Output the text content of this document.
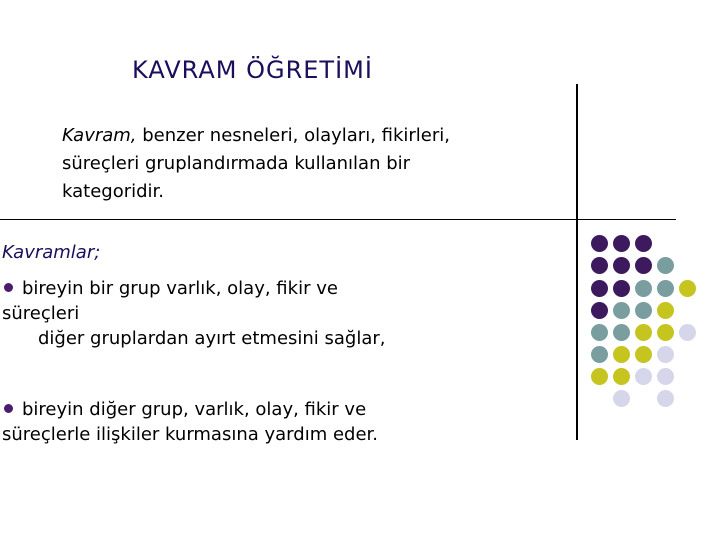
KAVRAM ÖĞRETİMİ
Kavram, benzer nesneleri, olayları, fikirleri,
süreçleri gruplandırmada kullanılan bir
kategoridir.
Kavramlar;
bireyin bir grup varlık, olay, fikir ve
süreçleri
diğer gruplardan ayırt etmesini sağlar,
bireyin diğer grup, varlık, olay, fikir ve
süreçlerle ilişkiler kurmasına yardım eder.
